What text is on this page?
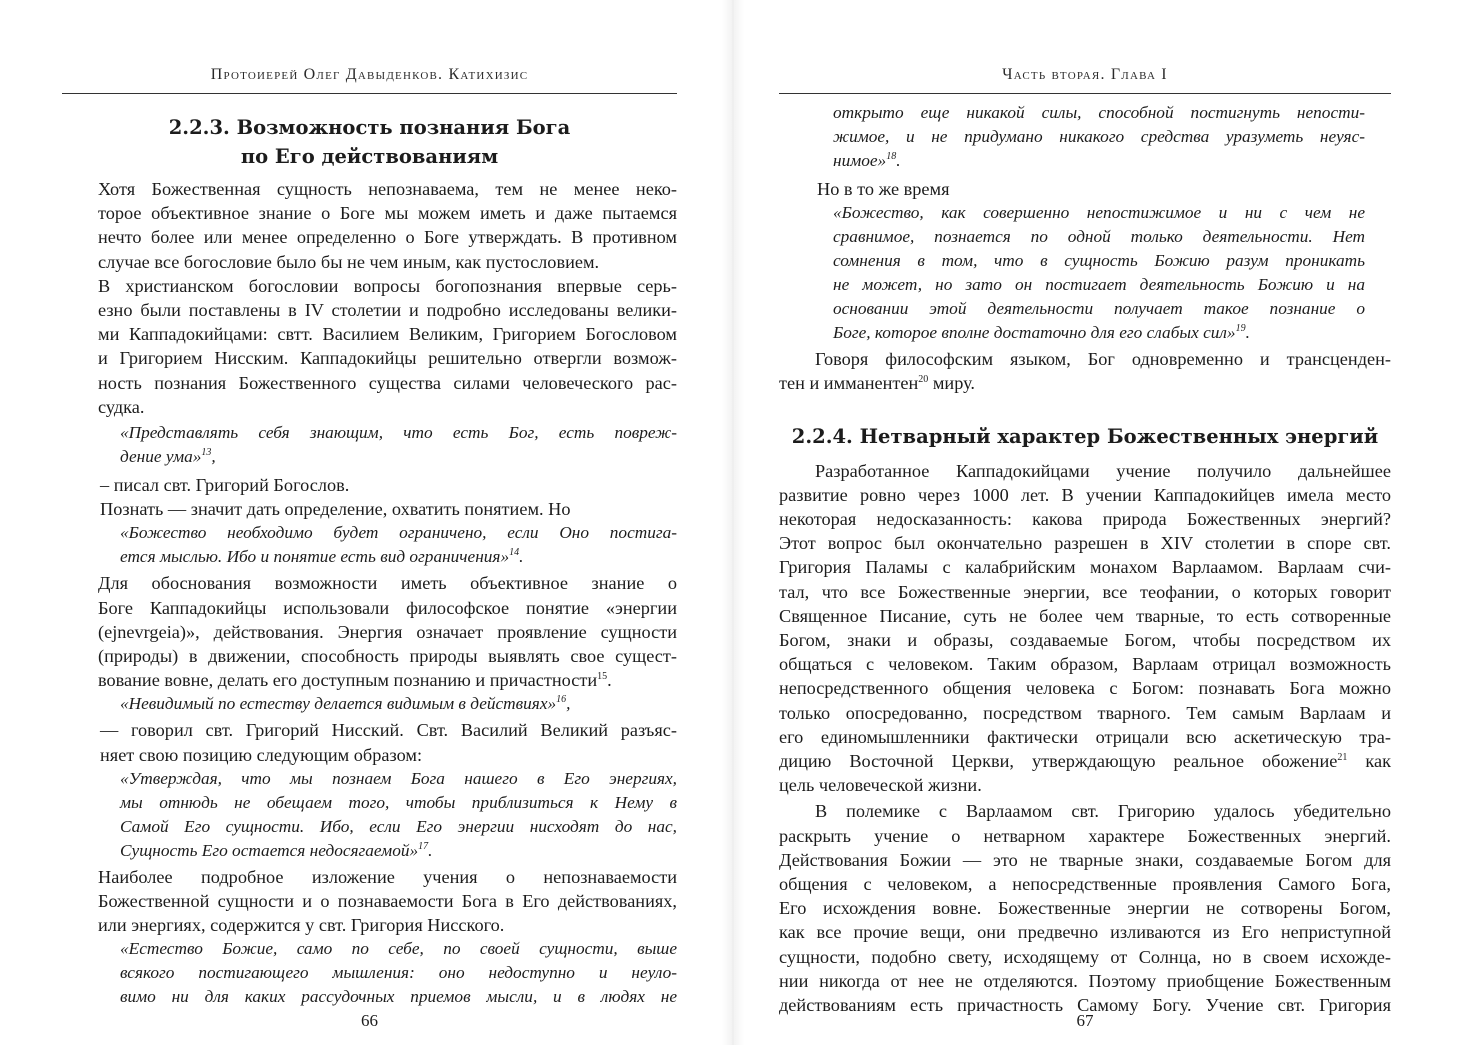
Протоиерей Олег Давыденков. Катихизис
2.2.3. Возможность познания Бога
по Его действованиям
Хотя Божественная сущность непознаваема, тем не менее неко-
торое объективное знание о Боге мы можем иметь и даже пытаемся
нечто более или менее определенно о Боге утверждать. В противном
случае все богословие было бы не чем иным, как пустословием.
В христианском богословии вопросы богопознания впервые серь-
езно были поставлены в IV столетии и подробно исследованы велики-
ми Каппадокийцами: свтт. Василием Великим, Григорием Богословом
и Григорием Нисским. Каппадокийцы решительно отвергли возмож-
ность познания Божественного существа силами человеческого рас-
судка.
«Представлять себя знающим, что есть Бог, есть повреж-
дение ума»$^{13}$,
– писал свт. Григорий Богослов.
Познать — значит дать определение, охватить понятием. Но
«Божество необходимо будет ограничено, если Оно постига-
ется мыслью. Ибо и понятие есть вид ограничения»$^{14}$.
Для обоснования возможности иметь объективное знание о
Боге Каппадокийцы использовали философское понятие «энергии
(ejnevrgeia)», действования. Энергия означает проявление сущности
(природы) в движении, способность природы выявлять свое сущест-
вование вовне, делать его доступным познанию и причастности$^{15}$.
«Невидимый по естеству делается видимым в действиях»$^{16}$,
— говорил свт. Григорий Нисский. Свт. Василий Великий разъяс-
няет свою позицию следующим образом:
«Утверждая, что мы познаем Бога нашего в Его энергиях,
мы отнюдь не обещаем того, чтобы приблизиться к Нему в
Самой Его сущности. Ибо, если Его энергии нисходят до нас,
Сущность Его остается недосягаемой»$^{17}$.
Наиболее подробное изложение учения о непознаваемости
Божественной сущности и о познаваемости Бога в Его действованиях,
или энергиях, содержится у свт. Григория Нисского.
«Естество Божие, само по себе, по своей сущности, выше
всякого постигающего мышления: оно недоступно и неуло-
вимо ни для каких рассудочных приемов мысли, и в людях не
66
Часть вторая. Глава I
открыто еще никакой силы, способной постигнуть непости-
жимое, и не придумано никакого средства уразуметь неуяс-
нимое»$^{18}$.
Но в то же время
«Божество, как совершенно непостижимое и ни с чем не
сравнимое, познается по одной только деятельности. Нет
сомнения в том, что в сущность Божию разум проникать
не может, но зато он постигает деятельность Божию и на
основании этой деятельности получает такое познание о
Боге, которое вполне достаточно для его слабых сил»$^{19}$.
Говоря философским языком, Бог одновременно и трансценден-
тен и имманентен$^{20}$ миру.
2.2.4. Нетварный характер Божественных энергий
Разработанное Каппадокийцами учение получило дальнейшее
развитие ровно через 1000 лет. В учении Каппадокийцев имела место
некоторая недосказанность: какова природа Божественных энергий?
Этот вопрос был окончательно разрешен в XIV столетии в споре свт.
Григория Паламы с калабрийским монахом Варлаамом. Варлаам счи-
тал, что все Божественные энергии, все теофании, о которых говорит
Священное Писание, суть не более чем тварные, то есть сотворенные
Богом, знаки и образы, создаваемые Богом, чтобы посредством их
общаться с человеком. Таким образом, Варлаам отрицал возможность
непосредственного общения человека с Богом: познавать Бога можно
только опосредованно, посредством тварного. Тем самым Варлаам и
его единомышленники фактически отрицали всю аскетическую тра-
дицию Восточной Церкви, утверждающую реальное обожение$^{21}$ как
цель человеческой жизни.
В полемике с Варлаамом свт. Григорию удалось убедительно
раскрыть учение о нетварном характере Божественных энергий.
Действования Божии — это не тварные знаки, создаваемые Богом для
общения с человеком, а непосредственные проявления Самого Бога,
Его исхождения вовне. Божественные энергии не сотворены Богом,
как все прочие вещи, они предвечно изливаются из Его неприступной
сущности, подобно свету, исходящему от Солнца, но в своем исхожде-
нии никогда от нее не отделяются. Поэтому приобщение Божественным
действованиям есть причастность Самому Богу. Учение свт. Григория
67
